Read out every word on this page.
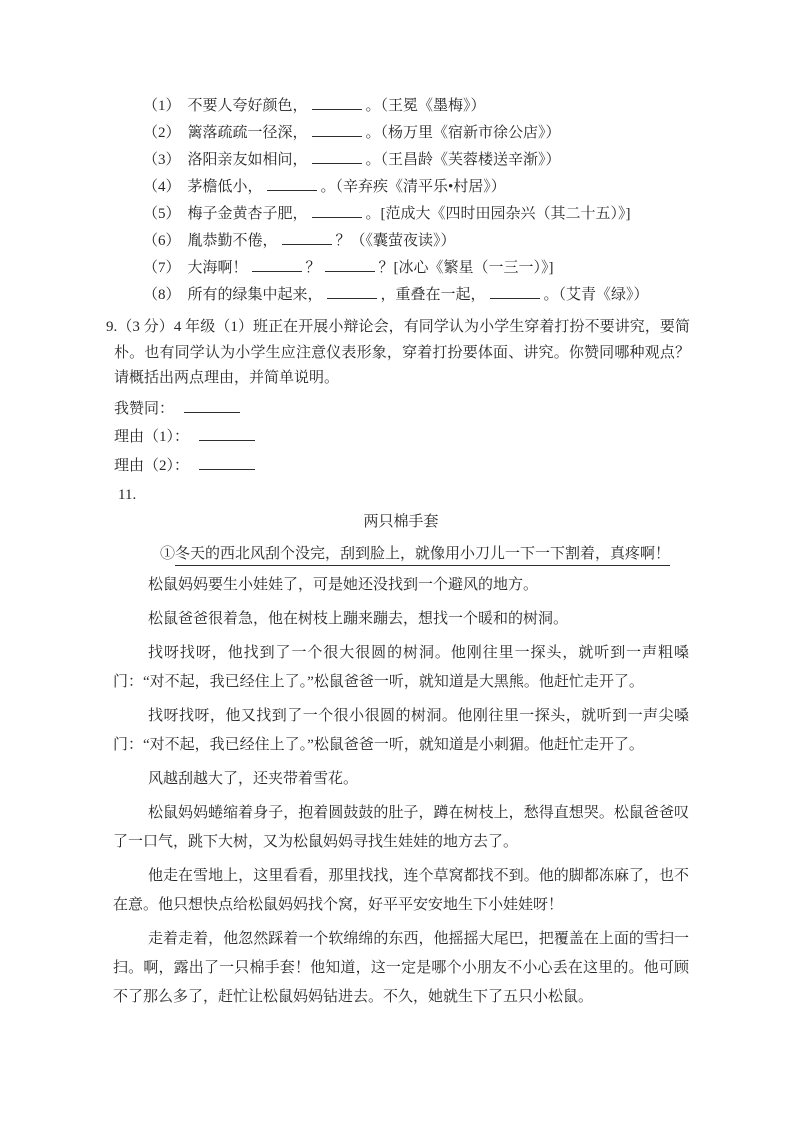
（1） 不要人夸好颜色，	。（王冕《墨梅》）
（2） 篱落疏疏一径深，	。（杨万里《宿新市徐公店》）
（3） 洛阳亲友如相问，	。（王昌龄《芙蓉楼送辛渐》）
（4） 茅檐低小，	。（辛弃疾《清平乐•村居》）
（5） 梅子金黄杏子肥，	。[范成大《四时田园杂兴（其二十五）》]
（6） 胤恭勤不倦，	？（《囊萤夜读》）
（7） 大海啊！	？	？[冰心《繁星（一三一）》]
（8） 所有的绿集中起来，	，重叠在一起，	。（艾青《绿》）

9.（3 分）4 年级（1）班正在开展小辩论会，有同学认为小学生穿着打扮不要讲究，要简朴。也有同学认为小学生应注意仪表形象，穿着打扮要体面、讲究。你赞同哪种观点？请概括出两点理由，并简单说明。

我赞同：
理由（1）：
理由（2）：

11.

两只棉手套

①冬天的西北风刮个没完，刮到脸上，就像用小刀儿一下一下割着，真疼啊！

松鼠妈妈要生小娃娃了，可是她还没找到一个避风的地方。

松鼠爸爸很着急，他在树枝上蹦来蹦去，想找一个暖和的树洞。

找呀找呀，他找到了一个很大很圆的树洞。他刚往里一探头，就听到一声粗嗓门：“对不起，我已经住上了。”松鼠爸爸一听，就知道是大黑熊。他赶忙走开了。

找呀找呀，他又找到了一个很小很圆的树洞。他刚往里一探头，就听到一声尖嗓门：“对不起，我已经住上了。”松鼠爸爸一听，就知道是小刺猸。他赶忙走开了。

风越刮越大了，还夹带着雪花。

松鼠妈妈蜷缩着身子，抱着圆鼓鼓的肚子，蹲在树枝上，愁得直想哭。松鼠爸爸叹了一口气，跳下大树，又为松鼠妈妈寻找生娃娃的地方去了。

他走在雪地上，这里看看，那里找找，连个草窝都找不到。他的脚都冻麻了，也不在意。他只想快点给松鼠妈妈找个窝，好平平安安地生下小娃娃呀！

走着走着，他忽然踩着一个软绵绵的东西，他摇摇大尾巴，把覆盖在上面的雪扫一扫。啊，露出了一只棉手套！他知道，这一定是哪个小朋友不小心丢在这里的。他可顾不了那么多了，赶忙让松鼠妈妈钻进去。不久，她就生下了五只小松鼠。
